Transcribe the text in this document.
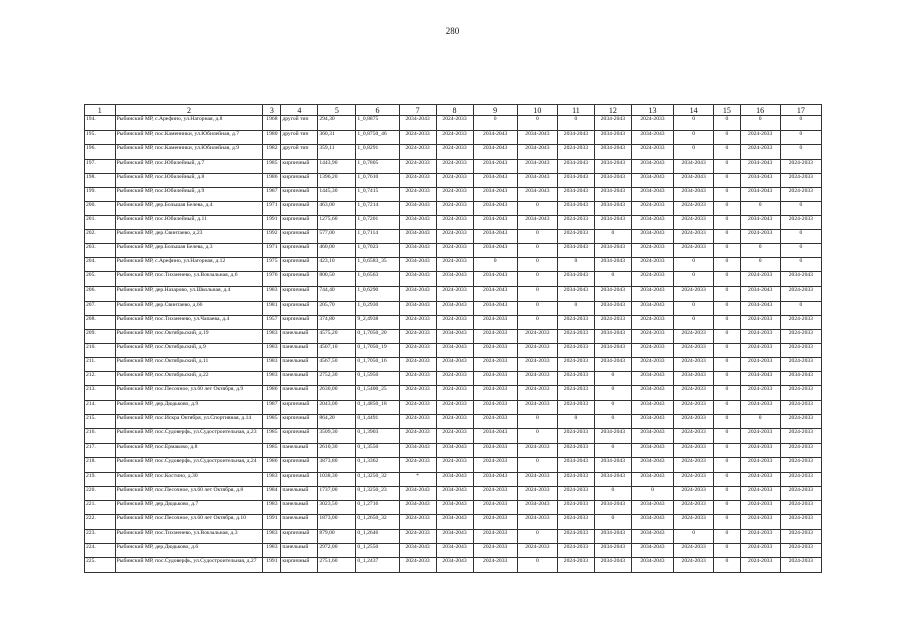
280
1	2	3	4	5	6	7	8	9	10	11	12	13	14	15	16	17
194.	Рыбинский МР, с.Арефино, ул.Нагорная, д.8	1968	другой тип	294,30	1_0,8875	2034-2043	2024-2033	0	0	0	2034-2043	2024-2033	0	0	0	0
195.	Рыбинский МР, пос.Каменники, ул.Юбилейная, д.7	1980	другой тип	360,31	1_0,8750_46	2024-2033	2024-2033	2034-2043	2034-2043	2034-2043	2034-2043	2034-2043	0	0	2024-2033	0
196.	Рыбинский МР, пос.Каменники, ул.Юбилейная, д.9	1982	другой тип	359,11	1_0,8291	2024-2033	2024-2033	2034-2043	2034-2043	2024-2033	2034-2043	2024-2033	0	0	2024-2033	0
197.	Рыбинский МР, пос.Юбилейный, д.7	1985	кирпичный	1443,90	1_0,7805	2024-2033	2024-2033	2034-2043	2034-2043	2034-2043	2034-2043	2034-2043	2034-2043	0	2034-2043	2024-2033
198.	Рыбинский МР, пос.Юбилейный, д.8	1986	кирпичный	1396,20	1_0,7610	2024-2033	2024-2033	2034-2043	2034-2043	2034-2043	2034-2043	2034-2043	2034-2043	0	2034-2043	2024-2033
199.	Рыбинский МР, пос.Юбилейный, д.9	1987	кирпичный	1445,30	1_0,7415	2024-2033	2024-2033	2034-2043	2034-2043	2034-2043	2034-2043	2034-2043	2034-2043	0	2034-2043	2024-2033
200.	Рыбинский МР, дер.Большая Белева, д.4	1971	кирпичный	463,00	1_0,7214	2034-2043	2024-2033	2034-2043	0	2034-2043	2034-2043	2024-2033	2024-2033	0	0	0
201.	Рыбинский МР, пос.Юбилейный, д.11	1991	кирпичный	1275,60	1_0,7201	2034-2043	2024-2033	2034-2043	2034-2043	2024-2033	2034-2043	2034-2043	2024-2033	0	2034-2043	2024-2033
202.	Рыбинский МР, дер.Свинтаево, д.23	1992	кирпичный	577,00	1_0,7114	2034-2043	2024-2033	2034-2043	0	2024-2033	0	2034-2043	2024-2033	0	2024-2033	0
203.	Рыбинский МР, дер.Большая Белева, д.3	1971	кирпичный	460,00	1_0,7023	2034-2043	2024-2033	2034-2043	0	2034-2043	2034-2043	2024-2033	2024-2033	0	0	0
204.	Рыбинский МР, с.Арефино, ул.Нагорная, д.12	1975	кирпичный	423,10	1_0,6583_35	2034-2043	2024-2033	0	0	0	2034-2043	2024-2033	0	0	0	0
205.	Рыбинский МР, пос.Тихменево, ул.Вокзальная, д.6	1976	кирпичный	800,50	1_0,6563	2034-2043	2034-2043	2034-2043	0	2034-2043	0	2024-2033	0	0	2024-2033	2034-2043
206.	Рыбинский МР, дер.Назарово, ул.Школьная, д.4	1983	кирпичный	744,40	1_0,6290	2034-2043	2024-2033	2034-2043	0	2034-2043	2034-2043	2034-2043	2024-2033	0	2034-2043	2024-2033
207.	Рыбинский МР, дер.Свинтаево, д.66	1981	кирпичный	205,70	1_0,2930	2034-2043	2034-2043	2034-2043	0	0	2034-2043	2034-2043	0	0	2034-2043	0
208.	Рыбинский МР, пос.Тихменево, ул.Чапаева, д.4	1957	кирпичный	374,80	9_2,4938	2024-2033	2024-2033	2024-2033	0	2024-2033	2024-2033	2024-2033	0	0	2024-2033	2024-2033
209.	Рыбинский МР, пос.Октябрьский, д.19	1983	панельный	4575,20	0_1,7050_20	2024-2033	2034-2043	2024-2033	2024-2033	2024-2033	2034-2043	2024-2033	2024-2033	0	2024-2033	2024-2033
210.	Рыбинский МР, пос.Октябрьский, д.9	1983	панельный	4507,10	0_1,7050_19	2024-2033	2034-2043	2024-2033	2024-2033	2024-2033	2034-2043	2024-2033	2024-2033	0	2024-2033	2024-2033
211.	Рыбинский МР, пос.Октябрьский, д.11	1983	панельный	4567,50	0_1,7050_16	2024-2033	2034-2043	2024-2033	2024-2033	2024-2033	2034-2043	2024-2033	2024-2033	0	2024-2033	2024-2033
212.	Рыбинский МР, пос.Октябрьский, д.22	1983	панельный	2752,30	0_1,5950	2024-2033	2024-2033	2024-2033	2024-2033	2024-2033	0	2034-2043	2034-2043	0	2034-2043	2034-2043
213.	Рыбинский МР, пос.Песочное, ул.60 лет Октября, д.9	1986	панельный	2630,00	0_1,5400_25	2024-2033	2024-2033	2024-2033	2024-2033	2024-2033	0	2034-2043	2024-2033	0	2024-2033	2024-2033
214.	Рыбинский МР, дер.Дюдьково, д.9	1987	кирпичный	2043,00	0_1,4850_18	2024-2033	2024-2033	2024-2033	2024-2033	2024-2033	0	2034-2043	2024-2033	0	2024-2033	2024-2033
215.	Рыбинский МР, пос.Искра Октября, ул.Спортивная, д.14	1985	кирпичный	864,20	0_1,4491	2024-2033	2024-2033	2024-2033	0	0	0	2034-2043	2024-2033	0	0	2024-2033
216.	Рыбинский МР, пос.Судоверфь, ул.Судостроительная, д.23	1985	кирпичный	3509,30	0_1,3903	2024-2033	2024-2033	2034-2043	0	2024-2033	2034-2043	2034-2043	2024-2033	0	2024-2033	2024-2033
217.	Рыбинский МР, пос.Ермаково, д.8	1985	панельный	2610,30	0_1,3550	2034-2043	2034-2043	2024-2033	2024-2033	2024-2033	0	2034-2043	2024-2033	0	2024-2033	2024-2033
218.	Рыбинский МР, пос.Судоверфь, ул.Судостроительная, д.24	1986	кирпичный	3873,80	0_1,3362	2024-2033	2024-2033	2024-2033	0	2034-2043	2034-2043	2034-2043	2024-2033	0	2024-2033	2024-2033
219.	Рыбинский МР, пос.Костино, д.30	1983	кирпичный	1038,30	0_1,3250_32	*	2034-2043	2034-2043	2024-2033	2024-2033	2034-2043	2034-2043	2024-2033	0	2024-2033	2024-2033
220.	Рыбинский МР, пос.Песочное, ул.60 лет Октября, д.8	1984	панельный	1737,00	0_1,3250_23	2034-2043	2034-2043	2024-2033	2024-2033	2024-2033	0	0	2024-2033	0	2024-2033	2024-2033
221.	Рыбинский МР, дер.Дюдьково, д.7	1983	панельный	3023,50	0_1,2716	2034-2043	2034-2043	2024-2033	2034-2043	2024-2033	2034-2043	2034-2043	2024-2033	0	2024-2033	2024-2033
222.	Рыбинский МР, пос.Песочное, ул.60 лет Октября, д.10	1991	панельный	1873,00	0_1,2650_32	2024-2033	2034-2043	2024-2033	2024-2033	2024-2033	0	2034-2043	2024-2033	0	2024-2033	2024-2033
223.	Рыбинский МР, пос.Тихменево, ул.Вокзальная, д.3	1983	кирпичный	879,00	0_1,2646	2024-2033	2034-2043	2024-2033	0	2024-2033	2034-2043	2034-2043	0	0	2024-2033	2024-2033
224.	Рыбинский МР, дер.Дюдьково, д.6	1983	панельный	2972,00	0_1,2550	2034-2043	2034-2043	2024-2033	2024-2033	2024-2033	2034-2043	2034-2043	2024-2033	0	2024-2033	2024-2033
225.	Рыбинский МР, пос.Судоверфь, ул.Судостроительная, д.27	1991	кирпичный	2751,60	0_1,2437	2024-2033	2034-2043	2024-2033	0	2024-2033	2034-2043	2034-2043	2024-2033	0	2024-2033	2024-2033
